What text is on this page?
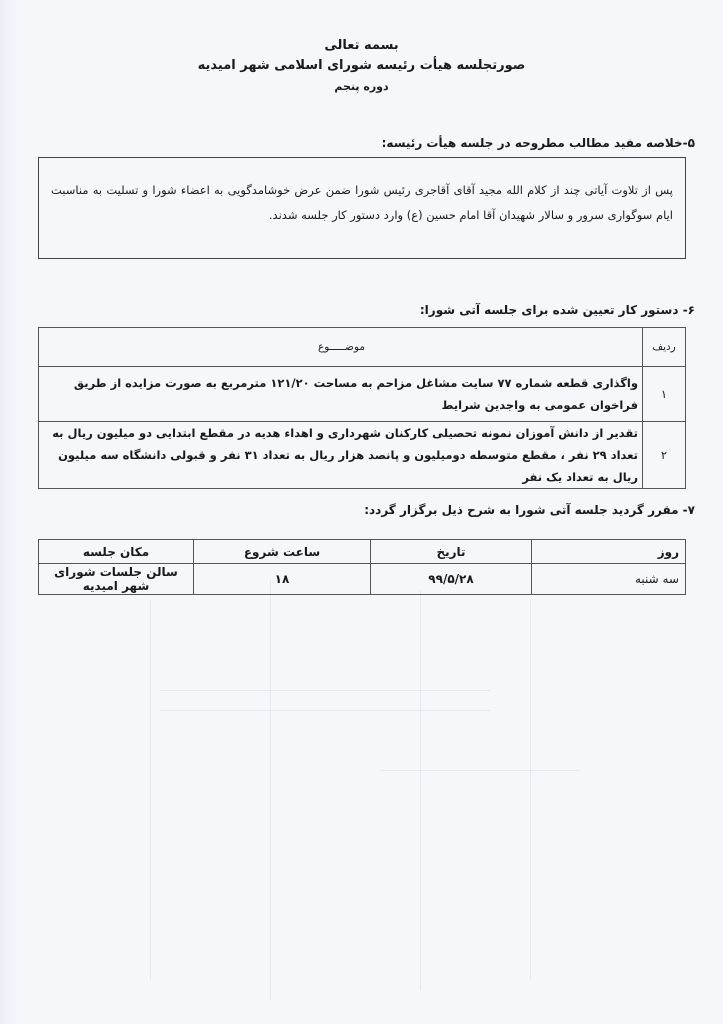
بسمه تعالی
صورتجلسه هیأت رئیسه شورای اسلامی شهر امیدیه
دوره پنجم
۵-خلاصه مفید مطالب مطروحه در جلسه هیأت رئیسه:
پس از تلاوت آیاتی چند از کلام الله مجید آقای آقاجری رئیس شورا ضمن عرض خوشامدگویی به اعضاء شورا و تسلیت به مناسبت ایام سوگواری سرور و سالار شهیدان آقا امام حسین (ع) وارد دستور کار جلسه شدند.
۶- دستور کار تعیین شده برای جلسه آتی شورا:
ردیف	موضـــــوع
۱	واگذاری قطعه شماره ۷۷ سایت مشاغل مزاحم به مساحت ۱۲۱/۲۰ مترمربع به صورت مزایده از طریق فراخوان عمومی به واجدین شرایط
۲	تقدیر از دانش آموزان نمونه تحصیلی کارکنان شهرداری و اهداء هدیه در مقطع ابتدایی دو میلیون ریال به تعداد ۲۹ نفر ، مقطع متوسطه دومیلیون و پانصد هزار ریال به تعداد ۳۱ نفر و قبولی دانشگاه سه میلیون ریال به تعداد یک نفر
۷- مقرر گردید جلسه آتی شورا به شرح ذیل برگزار گردد:
روز	تاریخ	ساعت شروع	مکان جلسه
سه شنبه	۹۹/۵/۲۸	۱۸	سالن جلسات شورای شهر امیدیه
